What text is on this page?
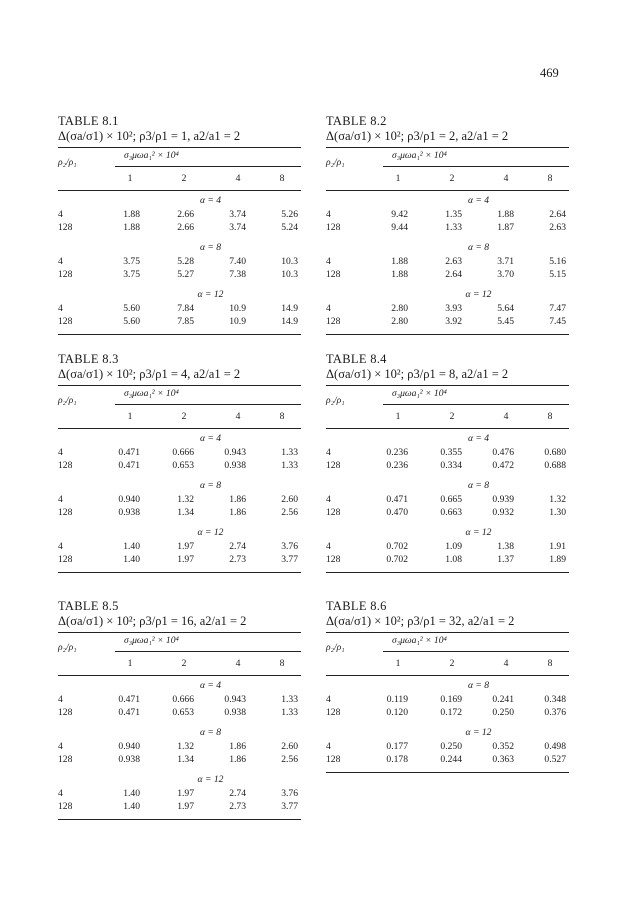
469
TABLE 8.1
Δ(σa/σ1) × 10²; ρ3/ρ1 = 1, a2/a1 = 2
ρ₂/ρ₁
σ₃μωa₁² × 10⁴
1	2	4	8
α = 4
4	1.88	2.66	3.74	5.26
128	1.88	2.66	3.74	5.24
α = 8
4	3.75	5.28	7.40	10.3
128	3.75	5.27	7.38	10.3
α = 12
4	5.60	7.84	10.9	14.9
128	5.60	7.85	10.9	14.9
TABLE 8.2
Δ(σa/σ1) × 10²; ρ3/ρ1 = 2, a2/a1 = 2
ρ₂/ρ₁
σ₃μωa₁² × 10⁴
1	2	4	8
α = 4
4	9.42	1.35	1.88	2.64
128	9.44	1.33	1.87	2.63
α = 8
4	1.88	2.63	3.71	5.16
128	1.88	2.64	3.70	5.15
α = 12
4	2.80	3.93	5.64	7.47
128	2.80	3.92	5.45	7.45
TABLE 8.3
Δ(σa/σ1) × 10²; ρ3/ρ1 = 4, a2/a1 = 2
ρ₂/ρ₁
σ₃μωa₁² × 10⁴
1	2	4	8
α = 4
4	0.471	0.666	0.943	1.33
128	0.471	0.653	0.938	1.33
α = 8
4	0.940	1.32	1.86	2.60
128	0.938	1.34	1.86	2.56
α = 12
4	1.40	1.97	2.74	3.76
128	1.40	1.97	2.73	3.77
TABLE 8.4
Δ(σa/σ1) × 10²; ρ3/ρ1 = 8, a2/a1 = 2
ρ₂/ρ₁
σ₃μωa₁² × 10⁴
1	2	4	8
α = 4
4	0.236	0.355	0.476	0.680
128	0.236	0.334	0.472	0.688
α = 8
4	0.471	0.665	0.939	1.32
128	0.470	0.663	0.932	1.30
α = 12
4	0.702	1.09	1.38	1.91
128	0.702	1.08	1.37	1.89
TABLE 8.5
Δ(σa/σ1) × 10²; ρ3/ρ1 = 16, a2/a1 = 2
ρ₂/ρ₁
σ₃μωa₁² × 10⁴
1	2	4	8
α = 4
4	0.471	0.666	0.943	1.33
128	0.471	0.653	0.938	1.33
α = 8
4	0.940	1.32	1.86	2.60
128	0.938	1.34	1.86	2.56
α = 12
4	1.40	1.97	2.74	3.76
128	1.40	1.97	2.73	3.77
TABLE 8.6
Δ(σa/σ1) × 10²; ρ3/ρ1 = 32, a2/a1 = 2
ρ₂/ρ₁
σ₃μωa₁² × 10⁴
1	2	4	8
α = 8
4	0.119	0.169	0.241	0.348
128	0.120	0.172	0.250	0.376
α = 12
4	0.177	0.250	0.352	0.498
128	0.178	0.244	0.363	0.527
